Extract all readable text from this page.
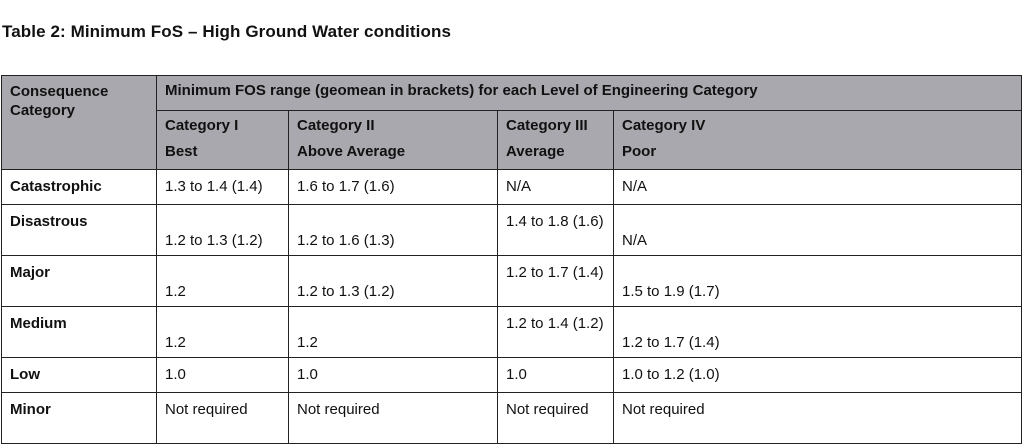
Table 2: Minimum FoS – High Ground Water conditions
Consequence Category	Minimum FOS range (geomean in brackets) for each Level of Engineering Category			
	Category I	Category II	Category III	Category IV
	Best	Above Average	Average	Poor
Catastrophic	1.3 to 1.4 (1.4)	1.6 to 1.7 (1.6)	N/A	N/A
Disastrous	1.2 to 1.3 (1.2)	1.2 to 1.6 (1.3)	1.4 to 1.8 (1.6)	N/A
Major	1.2	1.2 to 1.3 (1.2)	1.2 to 1.7 (1.4)	1.5 to 1.9 (1.7)
Medium	1.2	1.2	1.2 to 1.4 (1.2)	1.2 to 1.7 (1.4)
Low	1.0	1.0	1.0	1.0 to 1.2 (1.0)
Minor	Not required	Not required	Not required	Not required
